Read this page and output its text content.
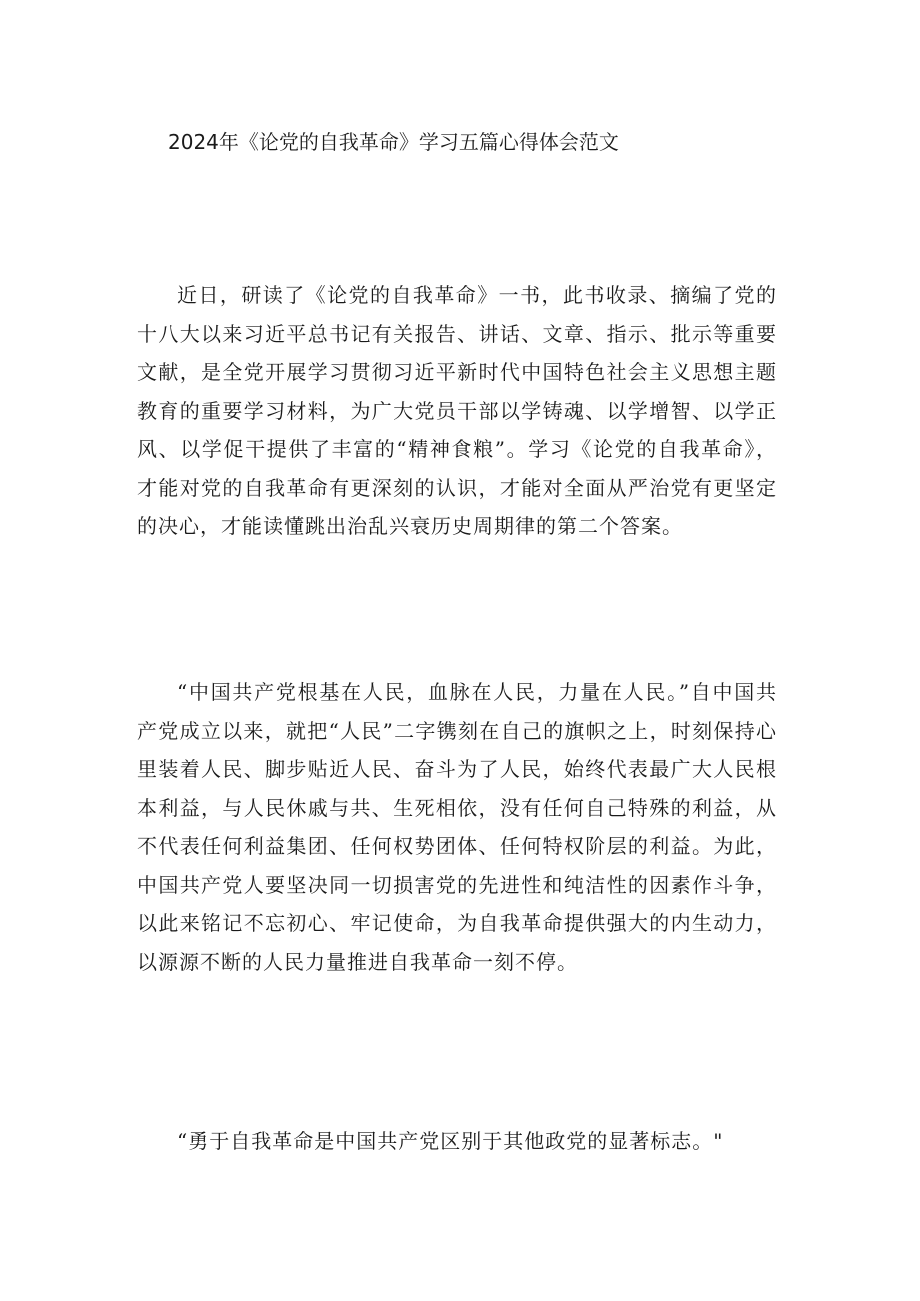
2024年《论党的自我革命》学习五篇心得体会范文

近日，研读了《论党的自我革命》一书，此书收录、摘编了党的十八大以来习近平总书记有关报告、讲话、文章、指示、批示等重要文献，是全党开展学习贯彻习近平新时代中国特色社会主义思想主题教育的重要学习材料，为广大党员干部以学铸魂、以学增智、以学正风、以学促干提供了丰富的“精神食粮”。学习《论党的自我革命》，才能对党的自我革命有更深刻的认识，才能对全面从严治党有更坚定的决心，才能读懂跳出治乱兴衰历史周期律的第二个答案。

“中国共产党根基在人民，血脉在人民，力量在人民。”自中国共产党成立以来，就把“人民”二字镌刻在自己的旗帜之上，时刻保持心里装着人民、脚步贴近人民、奋斗为了人民，始终代表最广大人民根本利益，与人民休戚与共、生死相依，没有任何自己特殊的利益，从不代表任何利益集团、任何权势团体、任何特权阶层的利益。为此，中国共产党人要坚决同一切损害党的先进性和纯洁性的因素作斗争，以此来铭记不忘初心、牢记使命，为自我革命提供强大的内生动力，以源源不断的人民力量推进自我革命一刻不停。

“勇于自我革命是中国共产党区别于其他政党的显著标志。"
